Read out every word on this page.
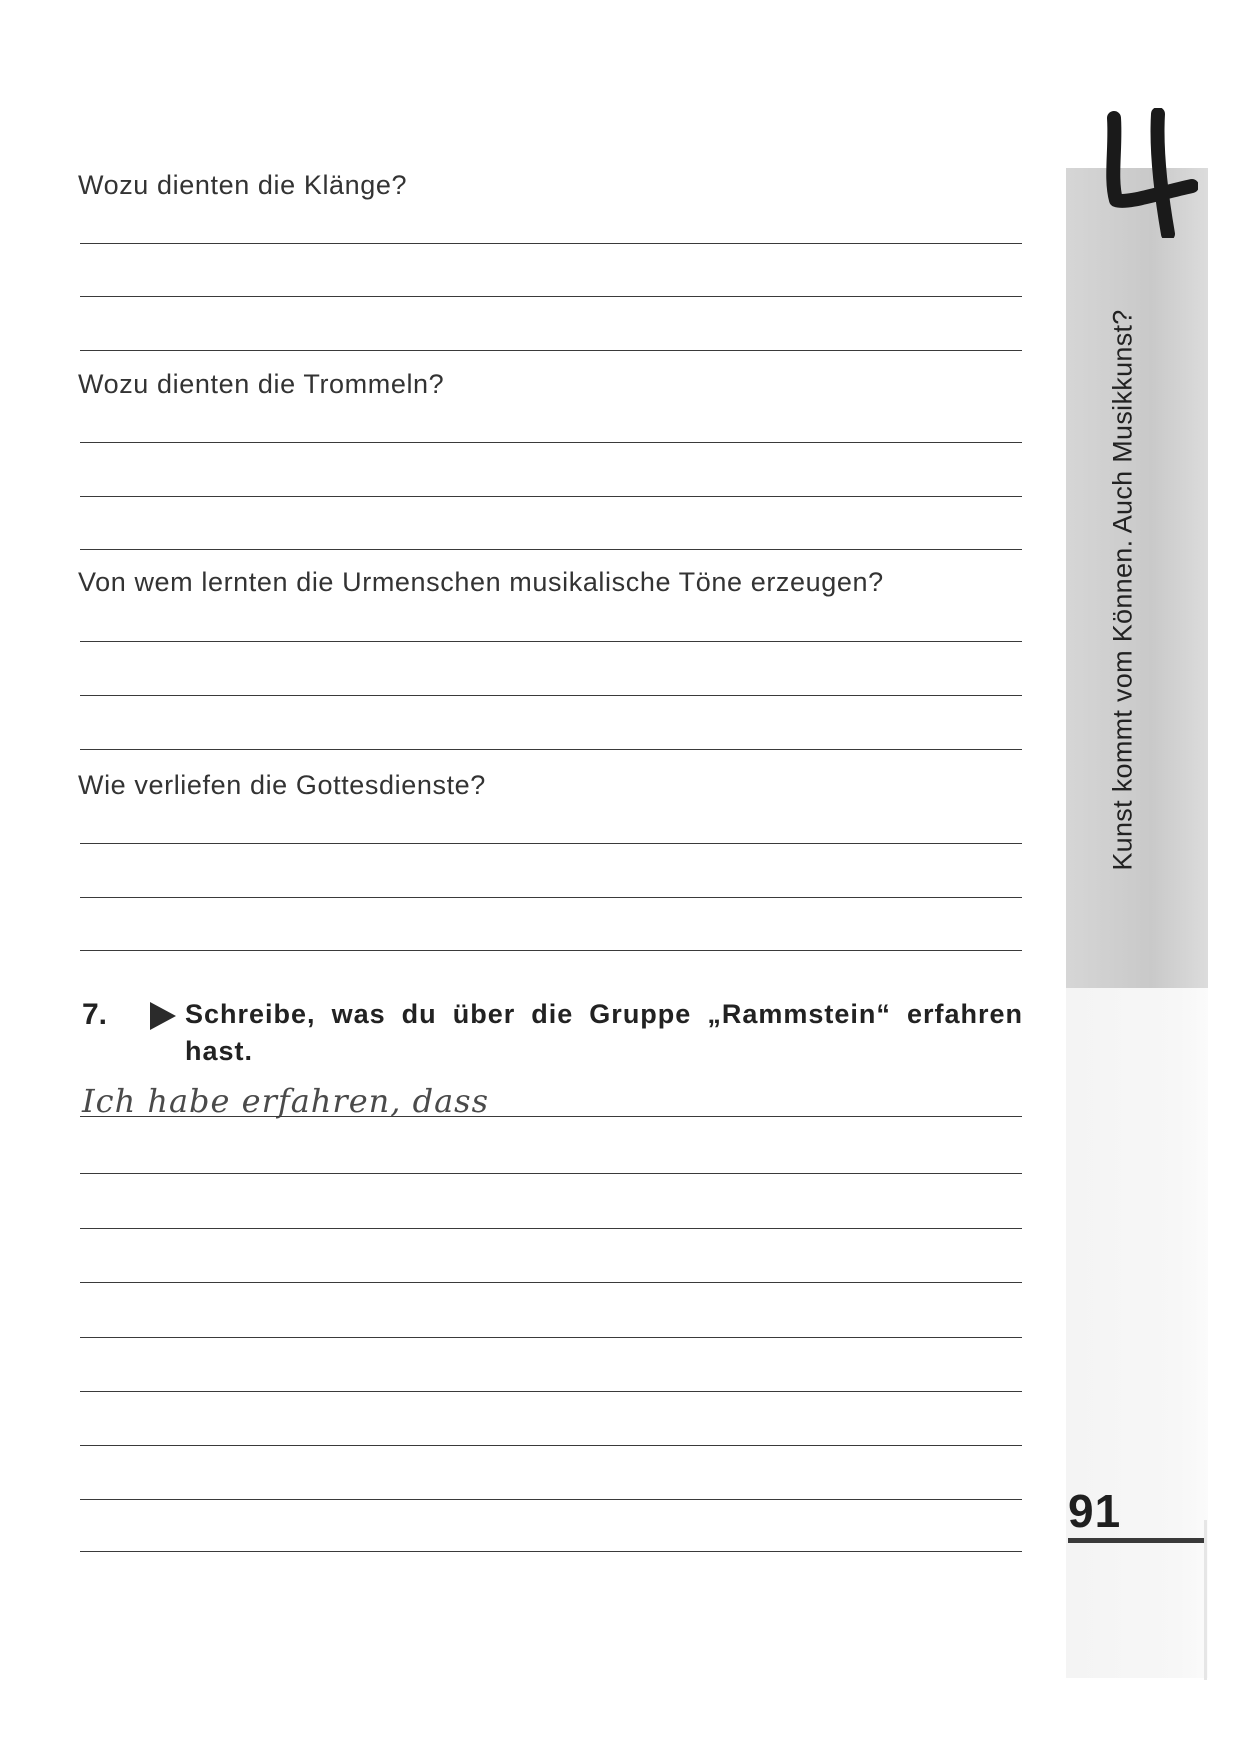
Wozu dienten die Klänge?
Wozu dienten die Trommeln?
Von wem lernten die Urmenschen musikalische Töne erzeugen?
Wie verliefen die Gottesdienste?
7.	Schreibe, was du über die Gruppe „Rammstein“ erfahren hast.
Ich habe erfahren, dass
Kunst kommt vom Können. Auch Musikkunst?
91
